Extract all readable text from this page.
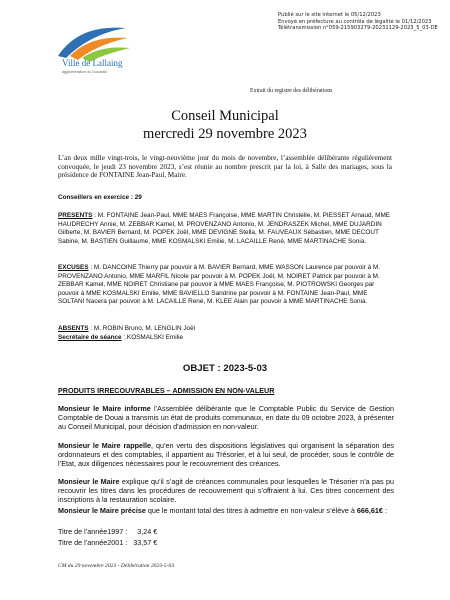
Publié sur le site internet le 05/12/2023
Envoyé en préfecture au contrôle de légalité le 01/12/2023
Télétransmission n°059-215903279-20231129-2023_5_03-DE
Ville de Lallaing
agglomération du Douaisis
Extrait du registre des délibérations
Conseil Municipal
mercredi 29 novembre 2023
L’an deux mille vingt-trois, le vingt-neuvième jour du mois de novembre, l’assemblée délibérante régulièrement convoquée, le jeudi 23 novembre 2023, s’est réunie au nombre prescrit par la loi, à Salle des mariages, sous la présidence de FONTAINE Jean-Paul, Maire.
Conseillers en exercice : 29
PRESENTS : M. FONTAINE Jean-Paul, MME MAES Françoise, MME MARTIN Christelle, M. PIESSET Arnaud, MME HAUDRECHY Annie, M. ZEBBAR Kamel, M. PROVENZANO Antonio, M. JENDRASZEK Michel, MME DUJARDIN Gilberte, M. BAVIER Bernard, M. POPEK Joël, MME DEVIGNE Stella, M. FAUVEAUX Sébastien, MME DECOUT Sabine, M. BASTIEN Guillaume, MME KOSMALSKI Emilie, M. LACAILLE René, MME MARTINACHE Sonia.
EXCUSES : M. DANCOINE Thierry par pouvoir à M. BAVIER Bernard, MME WASSON Laurence par pouvoir à M. PROVENZANO Antonio, MME MARFIL Nicole par pouvoir à M. POPEK Joël, M. NOIRET Patrick par pouvoir à M. ZEBBAR Kamel, MME NOIRET Christiane par pouvoir à MME MAES Françoise, M. PIOTROWSKI Georges par pouvoir à MME KOSMALSKI Emilie, MME BAVIELLO Sandrine par pouvoir à M. FONTAINE Jean-Paul, MME SOLTANI Nacera par pouvoir à M. LACAILLE René, M. KLEE Alain par pouvoir à MME MARTINACHE Sonia.
ABSENTS : M. ROBIN Bruno, M. LENGLIN Joël
Secrétaire de séance : KOSMALSKI Emilie
OBJET : 2023-5-03
PRODUITS IRRECOUVRABLES – ADMISSION EN NON-VALEUR
Monsieur le Maire informe l’Assemblée délibérante que le Comptable Public du Service de Gestion Comptable de Douai a transmis un état de produits communaux, en date du 09 octobre 2023, à présenter au Conseil Municipal, pour décision d’admission en non-valeur.
Monsieur le Maire rappelle, qu’en vertu des dispositions législatives qui organisent la séparation des ordonnateurs et des comptables, il appartient au Trésorier, et à lui seul, de procéder, sous le contrôle de l’Etat, aux diligences nécessaires pour le recouvrement des créances.
Monsieur le Maire explique qu’il s’agit de créances communales pour lesquelles le Trésorier n’a pas pu recouvrir les titres dans les procédures de recouvrement qui s’offraient à lui. Ces titres concernent des inscriptions à la restauration scolaire.
Monsieur le Maire précise que le montant total des titres à admettre en non-valeur s’élève à 666,61€ :
Titre de l’année1997 : 3,24 €
Titre de l’année2001 : 33,57 €
CM du 29 novembre 2023 - Délibération 2023-5-03
